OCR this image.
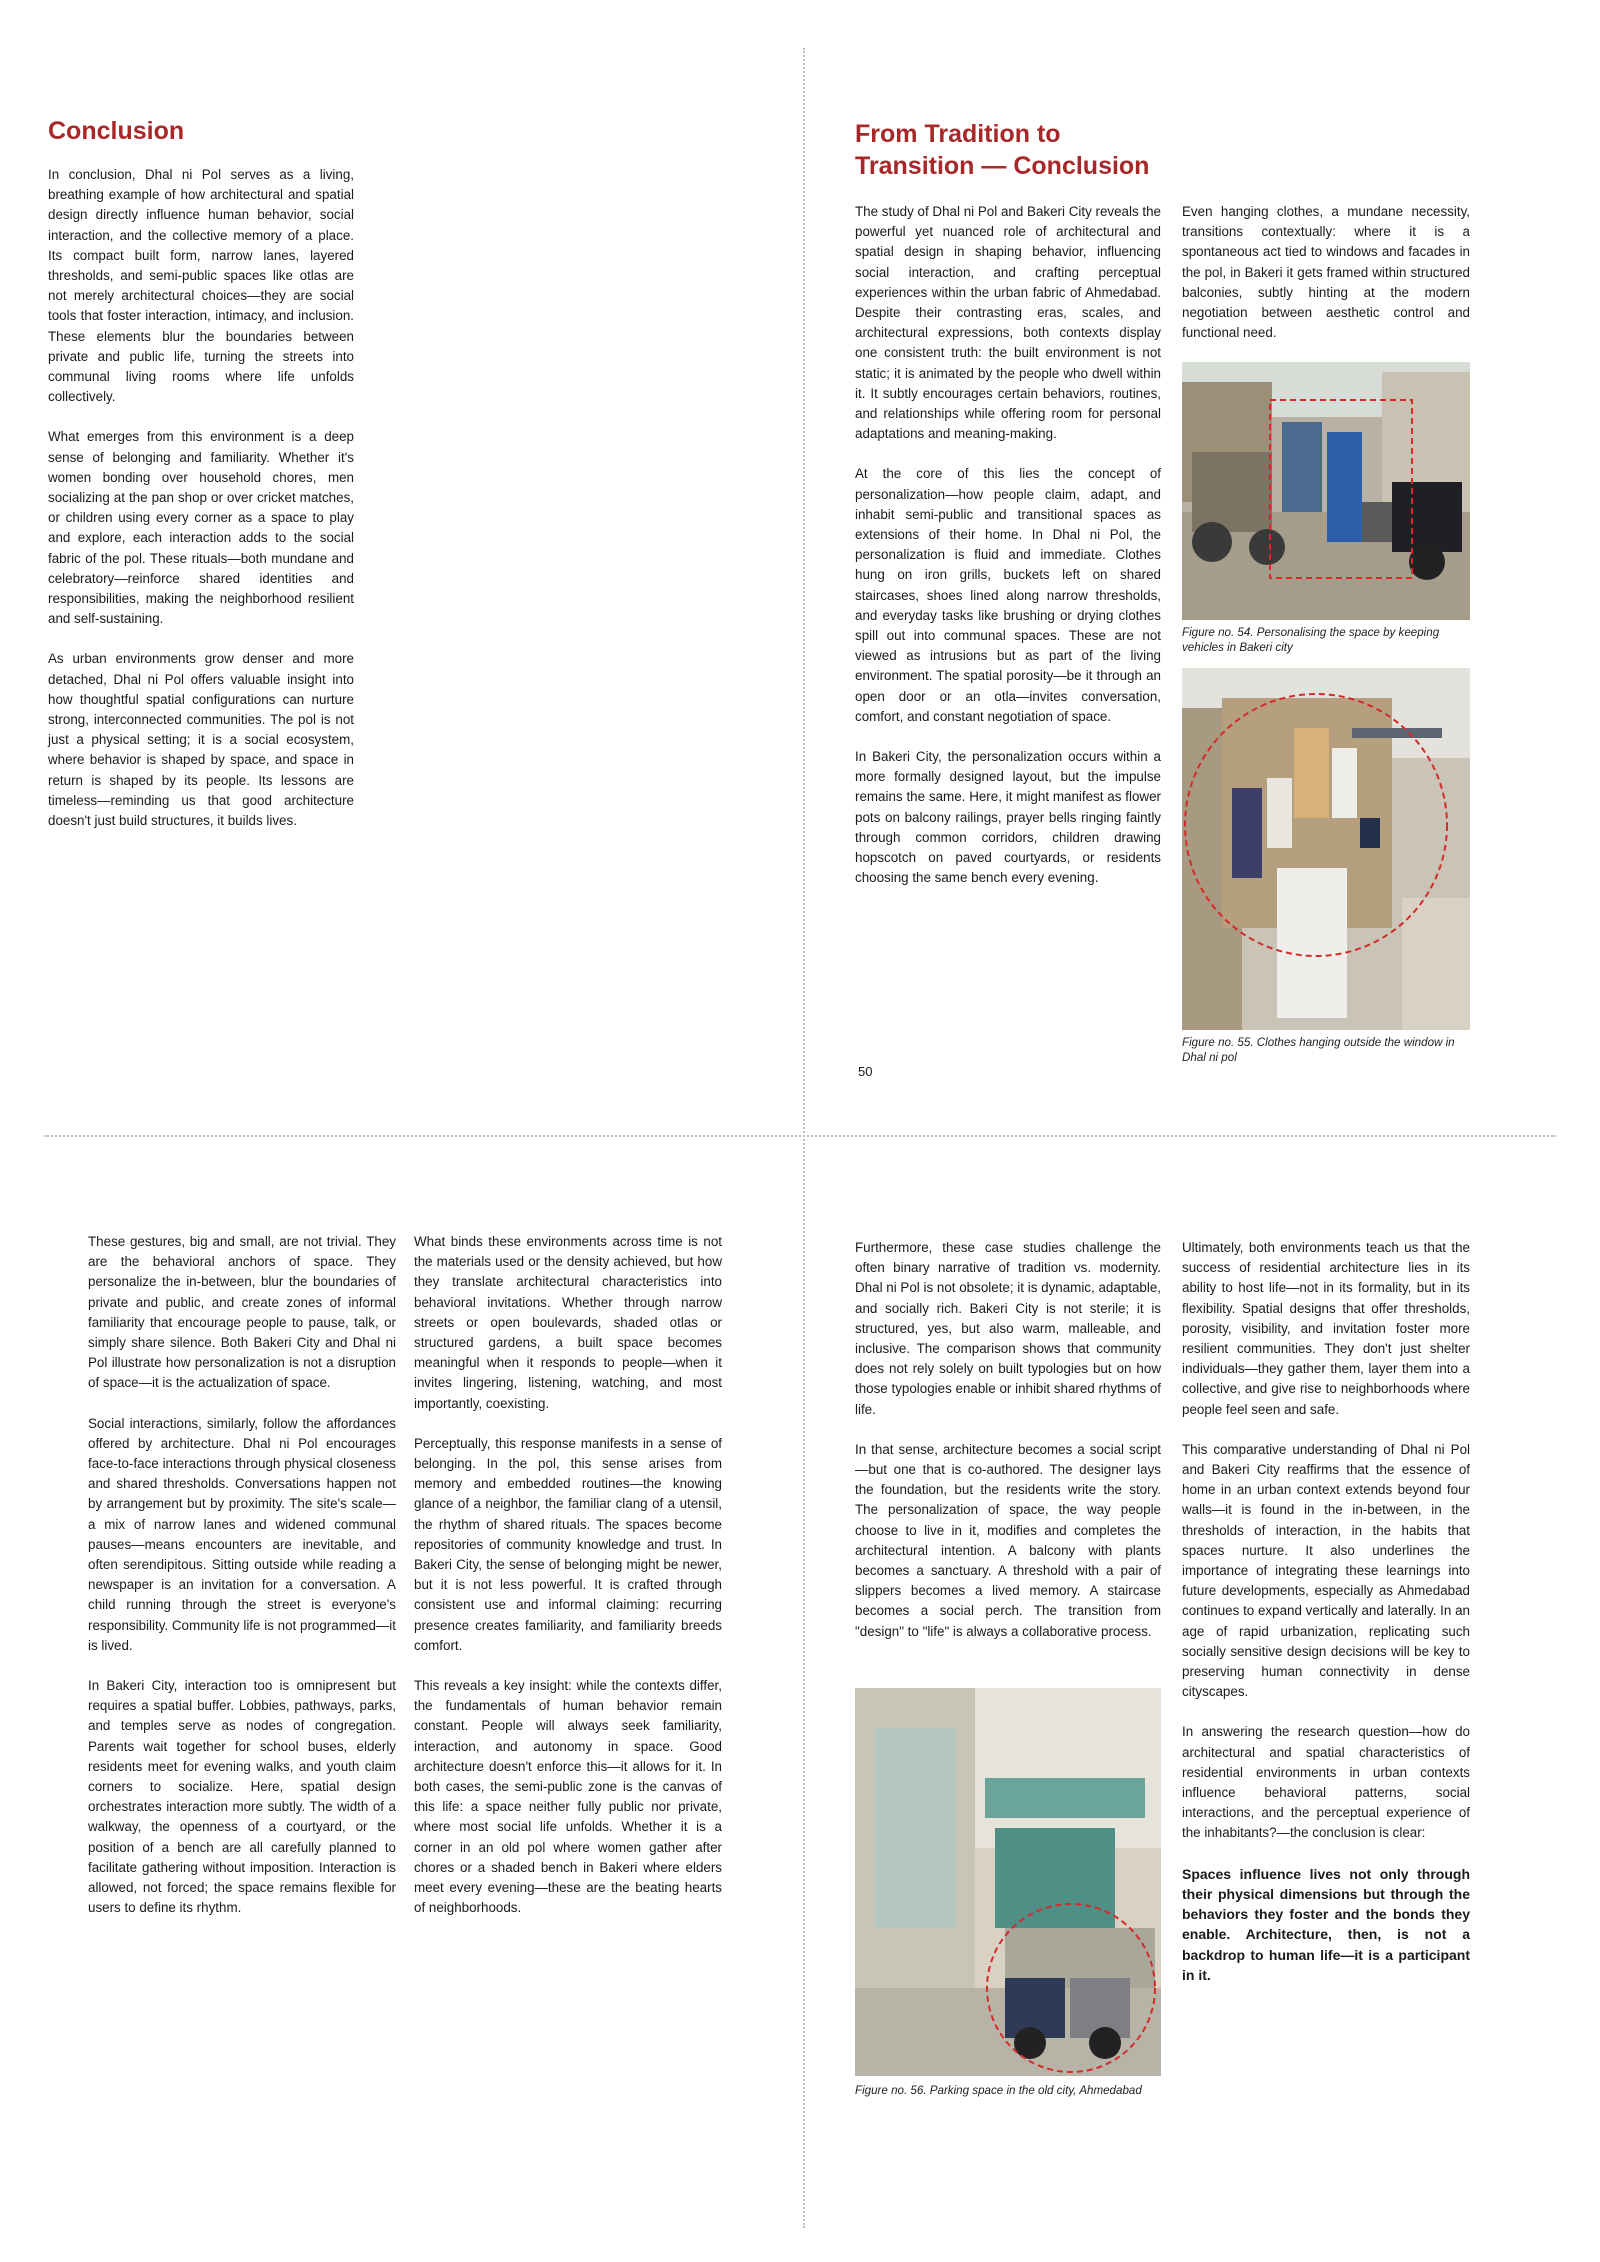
Conclusion

In conclusion, Dhal ni Pol serves as a living, breathing example of how architectural and spatial design directly influence human behavior, social interaction, and the collective memory of a place. Its compact built form, narrow lanes, layered thresholds, and semi-public spaces like otlas are not merely architectural choices—they are social tools that foster interaction, intimacy, and inclusion. These elements blur the boundaries between private and public life, turning the streets into communal living rooms where life unfolds collectively.

What emerges from this environment is a deep sense of belonging and familiarity. Whether it's women bonding over household chores, men socializing at the pan shop or over cricket matches, or children using every corner as a space to play and explore, each interaction adds to the social fabric of the pol. These rituals—both mundane and celebratory—reinforce shared identities and responsibilities, making the neighborhood resilient and self-sustaining.

As urban environments grow denser and more detached, Dhal ni Pol offers valuable insight into how thoughtful spatial configurations can nurture strong, interconnected communities. The pol is not just a physical setting; it is a social ecosystem, where behavior is shaped by space, and space in return is shaped by its people. Its lessons are timeless—reminding us that good architecture doesn't just build structures, it builds lives.

From Tradition to
Transition — Conclusion

The study of Dhal ni Pol and Bakeri City reveals the powerful yet nuanced role of architectural and spatial design in shaping behavior, influencing social interaction, and crafting perceptual experiences within the urban fabric of Ahmedabad. Despite their contrasting eras, scales, and architectural expressions, both contexts display one consistent truth: the built environment is not static; it is animated by the people who dwell within it. It subtly encourages certain behaviors, routines, and relationships while offering room for personal adaptations and meaning-making.

At the core of this lies the concept of personalization—how people claim, adapt, and inhabit semi-public and transitional spaces as extensions of their home. In Dhal ni Pol, the personalization is fluid and immediate. Clothes hung on iron grills, buckets left on shared staircases, shoes lined along narrow thresholds, and everyday tasks like brushing or drying clothes spill out into communal spaces. These are not viewed as intrusions but as part of the living environment. The spatial porosity—be it through an open door or an otla—invites conversation, comfort, and constant negotiation of space.

In Bakeri City, the personalization occurs within a more formally designed layout, but the impulse remains the same. Here, it might manifest as flower pots on balcony railings, prayer bells ringing faintly through common corridors, children drawing hopscotch on paved courtyards, or residents choosing the same bench every evening.

Even hanging clothes, a mundane necessity, transitions contextually: where it is a spontaneous act tied to windows and facades in the pol, in Bakeri it gets framed within structured balconies, subtly hinting at the modern negotiation between aesthetic control and functional need.

Figure no. 54. Personalising the space by keeping vehicles in Bakeri city
Figure no. 55. Clothes hanging outside the window in Dhal ni pol
50

These gestures, big and small, are not trivial. They are the behavioral anchors of space. They personalize the in-between, blur the boundaries of private and public, and create zones of informal familiarity that encourage people to pause, talk, or simply share silence. Both Bakeri City and Dhal ni Pol illustrate how personalization is not a disruption of space—it is the actualization of space.

Social interactions, similarly, follow the affordances offered by architecture. Dhal ni Pol encourages face-to-face interactions through physical closeness and shared thresholds. Conversations happen not by arrangement but by proximity. The site's scale—a mix of narrow lanes and widened communal pauses—means encounters are inevitable, and often serendipitous. Sitting outside while reading a newspaper is an invitation for a conversation. A child running through the street is everyone's responsibility. Community life is not programmed—it is lived.

In Bakeri City, interaction too is omnipresent but requires a spatial buffer. Lobbies, pathways, parks, and temples serve as nodes of congregation. Parents wait together for school buses, elderly residents meet for evening walks, and youth claim corners to socialize. Here, spatial design orchestrates interaction more subtly. The width of a walkway, the openness of a courtyard, or the position of a bench are all carefully planned to facilitate gathering without imposition. Interaction is allowed, not forced; the space remains flexible for users to define its rhythm.

What binds these environments across time is not the materials used or the density achieved, but how they translate architectural characteristics into behavioral invitations. Whether through narrow streets or open boulevards, shaded otlas or structured gardens, a built space becomes meaningful when it responds to people—when it invites lingering, listening, watching, and most importantly, coexisting.

Perceptually, this response manifests in a sense of belonging. In the pol, this sense arises from memory and embedded routines—the knowing glance of a neighbor, the familiar clang of a utensil, the rhythm of shared rituals. The spaces become repositories of community knowledge and trust. In Bakeri City, the sense of belonging might be newer, but it is not less powerful. It is crafted through consistent use and informal claiming: recurring presence creates familiarity, and familiarity breeds comfort.

This reveals a key insight: while the contexts differ, the fundamentals of human behavior remain constant. People will always seek familiarity, interaction, and autonomy in space. Good architecture doesn't enforce this—it allows for it. In both cases, the semi-public zone is the canvas of this life: a space neither fully public nor private, where most social life unfolds. Whether it is a corner in an old pol where women gather after chores or a shaded bench in Bakeri where elders meet every evening—these are the beating hearts of neighborhoods.

Furthermore, these case studies challenge the often binary narrative of tradition vs. modernity. Dhal ni Pol is not obsolete; it is dynamic, adaptable, and socially rich. Bakeri City is not sterile; it is structured, yes, but also warm, malleable, and inclusive. The comparison shows that community does not rely solely on built typologies but on how those typologies enable or inhibit shared rhythms of life.

In that sense, architecture becomes a social script—but one that is co-authored. The designer lays the foundation, but the residents write the story. The personalization of space, the way people choose to live in it, modifies and completes the architectural intention. A balcony with plants becomes a sanctuary. A threshold with a pair of slippers becomes a lived memory. A staircase becomes a social perch. The transition from "design" to "life" is always a collaborative process.

Ultimately, both environments teach us that the success of residential architecture lies in its ability to host life—not in its formality, but in its flexibility. Spatial designs that offer thresholds, porosity, visibility, and invitation foster more resilient communities. They don't just shelter individuals—they gather them, layer them into a collective, and give rise to neighborhoods where people feel seen and safe.

This comparative understanding of Dhal ni Pol and Bakeri City reaffirms that the essence of home in an urban context extends beyond four walls—it is found in the in-between, in the thresholds of interaction, in the habits that spaces nurture. It also underlines the importance of integrating these learnings into future developments, especially as Ahmedabad continues to expand vertically and laterally. In an age of rapid urbanization, replicating such socially sensitive design decisions will be key to preserving human connectivity in dense cityscapes.

In answering the research question—how do architectural and spatial characteristics of residential environments in urban contexts influence behavioral patterns, social interactions, and the perceptual experience of the inhabitants?—the conclusion is clear:

Spaces influence lives not only through their physical dimensions but through the behaviors they foster and the bonds they enable. Architecture, then, is not a backdrop to human life—it is a participant in it.

Figure no. 56. Parking space in the old city, Ahmedabad
